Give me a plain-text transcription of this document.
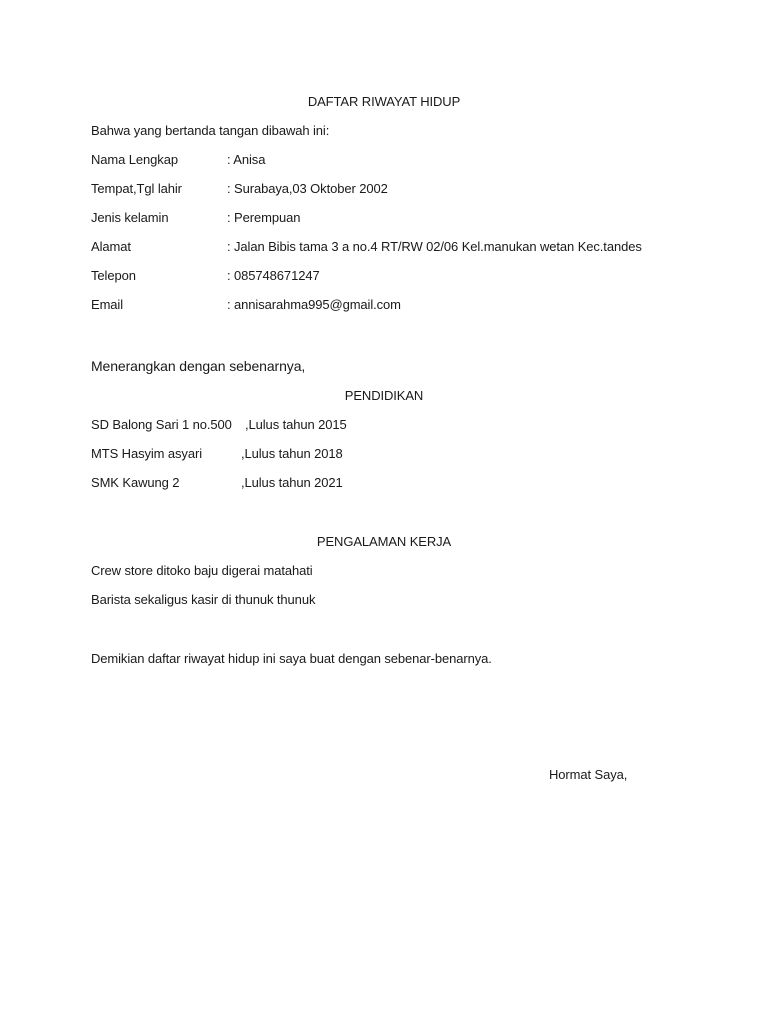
DAFTAR RIWAYAT HIDUP
Bahwa yang bertanda tangan dibawah ini:
Nama Lengkap	: Anisa
Tempat,Tgl lahir	: Surabaya,03 Oktober 2002
Jenis kelamin	: Perempuan
Alamat	: Jalan Bibis tama 3 a no.4 RT/RW 02/06 Kel.manukan wetan Kec.tandes
Telepon	: 085748671247
Email	: annisarahma995@gmail.com
Menerangkan dengan sebenarnya,
PENDIDIKAN
SD Balong Sari 1 no.500 ,Lulus tahun 2015
MTS Hasyim asyari	,Lulus tahun 2018
SMK Kawung 2	,Lulus tahun 2021
PENGALAMAN KERJA
Crew store ditoko baju digerai matahati
Barista sekaligus kasir di thunuk thunuk
Demikian daftar riwayat hidup ini saya buat dengan sebenar-benarnya.
Hormat Saya,
